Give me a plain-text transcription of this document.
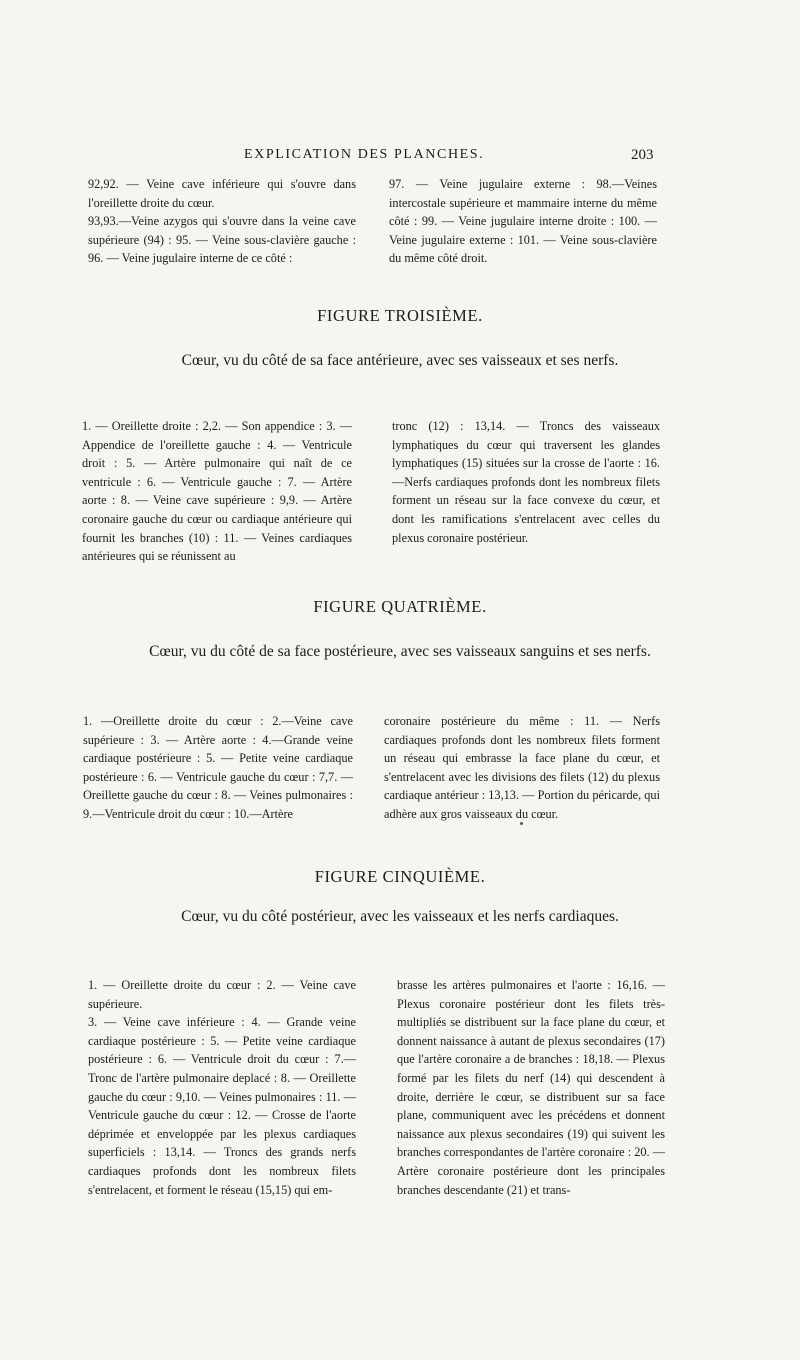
EXPLICATION DES PLANCHES.	203

92,92. — Veine cave inférieure qui s'ouvre dans l'oreillette droite du cœur.

93,93.—Veine azygos qui s'ouvre dans la veine cave supérieure (94) : 95. — Veine sous-clavière gauche : 96. — Veine jugulaire interne de ce côté :

97. — Veine jugulaire externe : 98.—Veines intercostale supérieure et mammaire interne du même côté : 99. — Veine jugulaire interne droite : 100. — Veine jugulaire externe : 101. — Veine sous-clavière du même côté droit.

FIGURE TROISIÈME.
Cœur, vu du côté de sa face antérieure, avec ses vaisseaux et ses nerfs.

1. — Oreillette droite : 2,2. — Son appendice : 3. — Appendice de l'oreillette gauche : 4. — Ventricule droit : 5. — Artère pulmonaire qui naît de ce ventricule : 6. — Ventricule gauche : 7. — Artère aorte : 8. — Veine cave supérieure : 9,9. — Artère coronaire gauche du cœur ou cardiaque antérieure qui fournit les branches (10) : 11. — Veines cardiaques antérieures qui se réunissent au

tronc (12) : 13,14. — Troncs des vaisseaux lymphatiques du cœur qui traversent les glandes lymphatiques (15) situées sur la crosse de l'aorte : 16. —Nerfs cardiaques profonds dont les nombreux filets forment un réseau sur la face convexe du cœur, et dont les ramifications s'entrelacent avec celles du plexus coronaire postérieur.

FIGURE QUATRIÈME.
Cœur, vu du côté de sa face postérieure, avec ses vaisseaux sanguins et ses nerfs.

1. —Oreillette droite du cœur : 2.—Veine cave supérieure : 3. — Artère aorte : 4.—Grande veine cardiaque postérieure : 5. — Petite veine cardiaque postérieure : 6. — Ventricule gauche du cœur : 7,7. —Oreillette gauche du cœur : 8. — Veines pulmonaires : 9.—Ventricule droit du cœur : 10.—Artère

coronaire postérieure du même : 11. — Nerfs cardiaques profonds dont les nombreux filets forment un réseau qui embrasse la face plane du cœur, et s'entrelacent avec les divisions des filets (12) du plexus cardiaque antérieur : 13,13. — Portion du péricarde, qui adhère aux gros vaisseaux du cœur.

FIGURE CINQUIÈME.
Cœur, vu du côté postérieur, avec les vaisseaux et les nerfs cardiaques.

1. — Oreillette droite du cœur : 2. — Veine cave supérieure.

3. — Veine cave inférieure : 4. — Grande veine cardiaque postérieure : 5. — Petite veine cardiaque postérieure : 6. — Ventricule droit du cœur : 7.— Tronc de l'artère pulmonaire deplacé : 8. — Oreillette gauche du cœur : 9,10. — Veines pulmonaires : 11. — Ventricule gauche du cœur : 12. — Crosse de l'aorte déprimée et enveloppée par les plexus cardiaques superficiels : 13,14. — Troncs des grands nerfs cardiaques profonds dont les nombreux filets s'entrelacent, et forment le réseau (15,15) qui em-

brasse les artères pulmonaires et l'aorte : 16,16. — Plexus coronaire postérieur dont les filets très-multipliés se distribuent sur la face plane du cœur, et donnent naissance à autant de plexus secondaires (17) que l'artère coronaire a de branches : 18,18. — Plexus formé par les filets du nerf (14) qui descendent à droite, derrière le cœur, se distribuent sur sa face plane, communiquent avec les précédens et donnent naissance aux plexus secondaires (19) qui suivent les branches correspondantes de l'artère coronaire : 20. — Artère coronaire postérieure dont les principales branches descendante (21) et trans-
